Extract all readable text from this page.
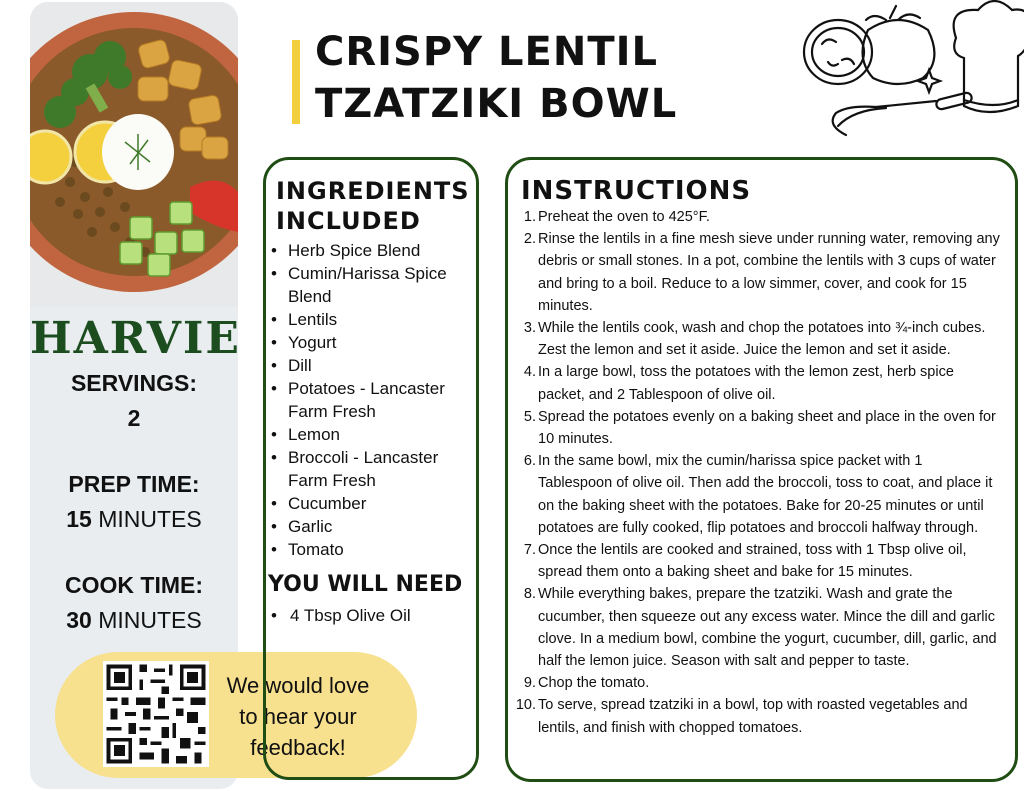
HARVIE
SERVINGS:
2
PREP TIME:
15 MINUTES
COOK TIME:
30 MINUTES
We would love
to hear your
feedback!
CRISPY LENTIL
TZATZIKI BOWL
INGREDIENTS
INCLUDED
• Herb Spice Blend
• Cumin/Harissa Spice Blend
• Lentils
• Yogurt
• Dill
• Potatoes - Lancaster Farm Fresh
• Lemon
• Broccoli - Lancaster Farm Fresh
• Cucumber
• Garlic
• Tomato
YOU WILL NEED
• 4 Tbsp Olive Oil
INSTRUCTIONS
1. Preheat the oven to 425°F.
2. Rinse the lentils in a fine mesh sieve under running water, removing any debris or small stones. In a pot, combine the lentils with 3 cups of water and bring to a boil. Reduce to a low simmer, cover, and cook for 15 minutes.
3. While the lentils cook, wash and chop the potatoes into ¾-inch cubes. Zest the lemon and set it aside. Juice the lemon and set it aside.
4. In a large bowl, toss the potatoes with the lemon zest, herb spice packet, and 2 Tablespoon of olive oil.
5. Spread the potatoes evenly on a baking sheet and place in the oven for 10 minutes.
6. In the same bowl, mix the cumin/harissa spice packet with 1 Tablespoon of olive oil. Then add the broccoli, toss to coat, and place it on the baking sheet with the potatoes. Bake for 20-25 minutes or until potatoes are fully cooked, flip potatoes and broccoli halfway through.
7. Once the lentils are cooked and strained, toss with 1 Tbsp olive oil, spread them onto a baking sheet and bake for 15 minutes.
8. While everything bakes, prepare the tzatziki. Wash and grate the cucumber, then squeeze out any excess water. Mince the dill and garlic clove. In a medium bowl, combine the yogurt, cucumber, dill, garlic, and half the lemon juice. Season with salt and pepper to taste.
9. Chop the tomato.
10. To serve, spread tzatziki in a bowl, top with roasted vegetables and lentils, and finish with chopped tomatoes.
